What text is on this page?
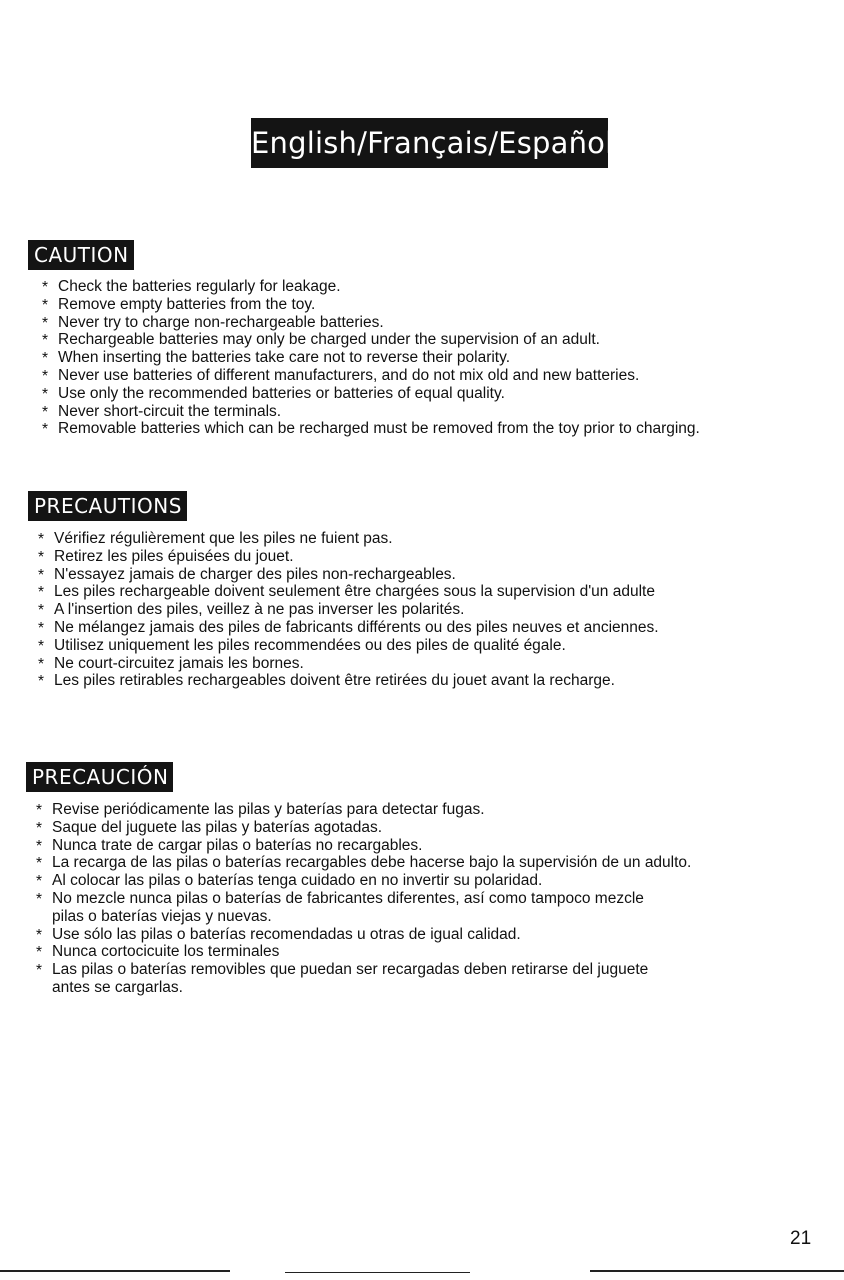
English/Français/Español
CAUTION
* Check the batteries regularly for leakage.
* Remove empty batteries from the toy.
* Never try to charge non-rechargeable batteries.
* Rechargeable batteries may only be charged under the supervision of an adult.
* When inserting the batteries take care not to reverse their polarity.
* Never use batteries of different manufacturers, and do not mix old and new batteries.
* Use only the recommended batteries or batteries of equal quality.
* Never short-circuit the terminals.
* Removable batteries which can be recharged must be removed from the toy prior to charging.
PRECAUTIONS
* Vérifiez régulièrement que les piles ne fuient pas.
* Retirez les piles épuisées du jouet.
* N'essayez jamais de charger des piles non-rechargeables.
* Les piles rechargeable doivent seulement être chargées sous la supervision d'un adulte
* A l'insertion des piles, veillez à ne pas inverser les polarités.
* Ne mélangez jamais des piles de fabricants différents ou des piles neuves et anciennes.
* Utilisez uniquement les piles recommendées ou des piles de qualité égale.
* Ne court-circuitez jamais les bornes.
* Les piles retirables rechargeables doivent être retirées du jouet avant la recharge.
PRECAUCIÓN
* Revise periódicamente las pilas y baterías para detectar fugas.
* Saque del juguete las pilas y baterías agotadas.
* Nunca trate de cargar pilas o baterías no recargables.
* La recarga de las pilas o baterías recargables debe hacerse bajo la supervisión de un adulto.
* Al colocar las pilas o baterías tenga cuidado en no invertir su polaridad.
* No mezcle nunca pilas o baterías de fabricantes diferentes, así como tampoco mezcle pilas o baterías viejas y nuevas.
* Use sólo las pilas o baterías recomendadas u otras de igual calidad.
* Nunca cortocicuite los terminales
* Las pilas o baterías removibles que puedan ser recargadas deben retirarse del juguete antes se cargarlas.
21
